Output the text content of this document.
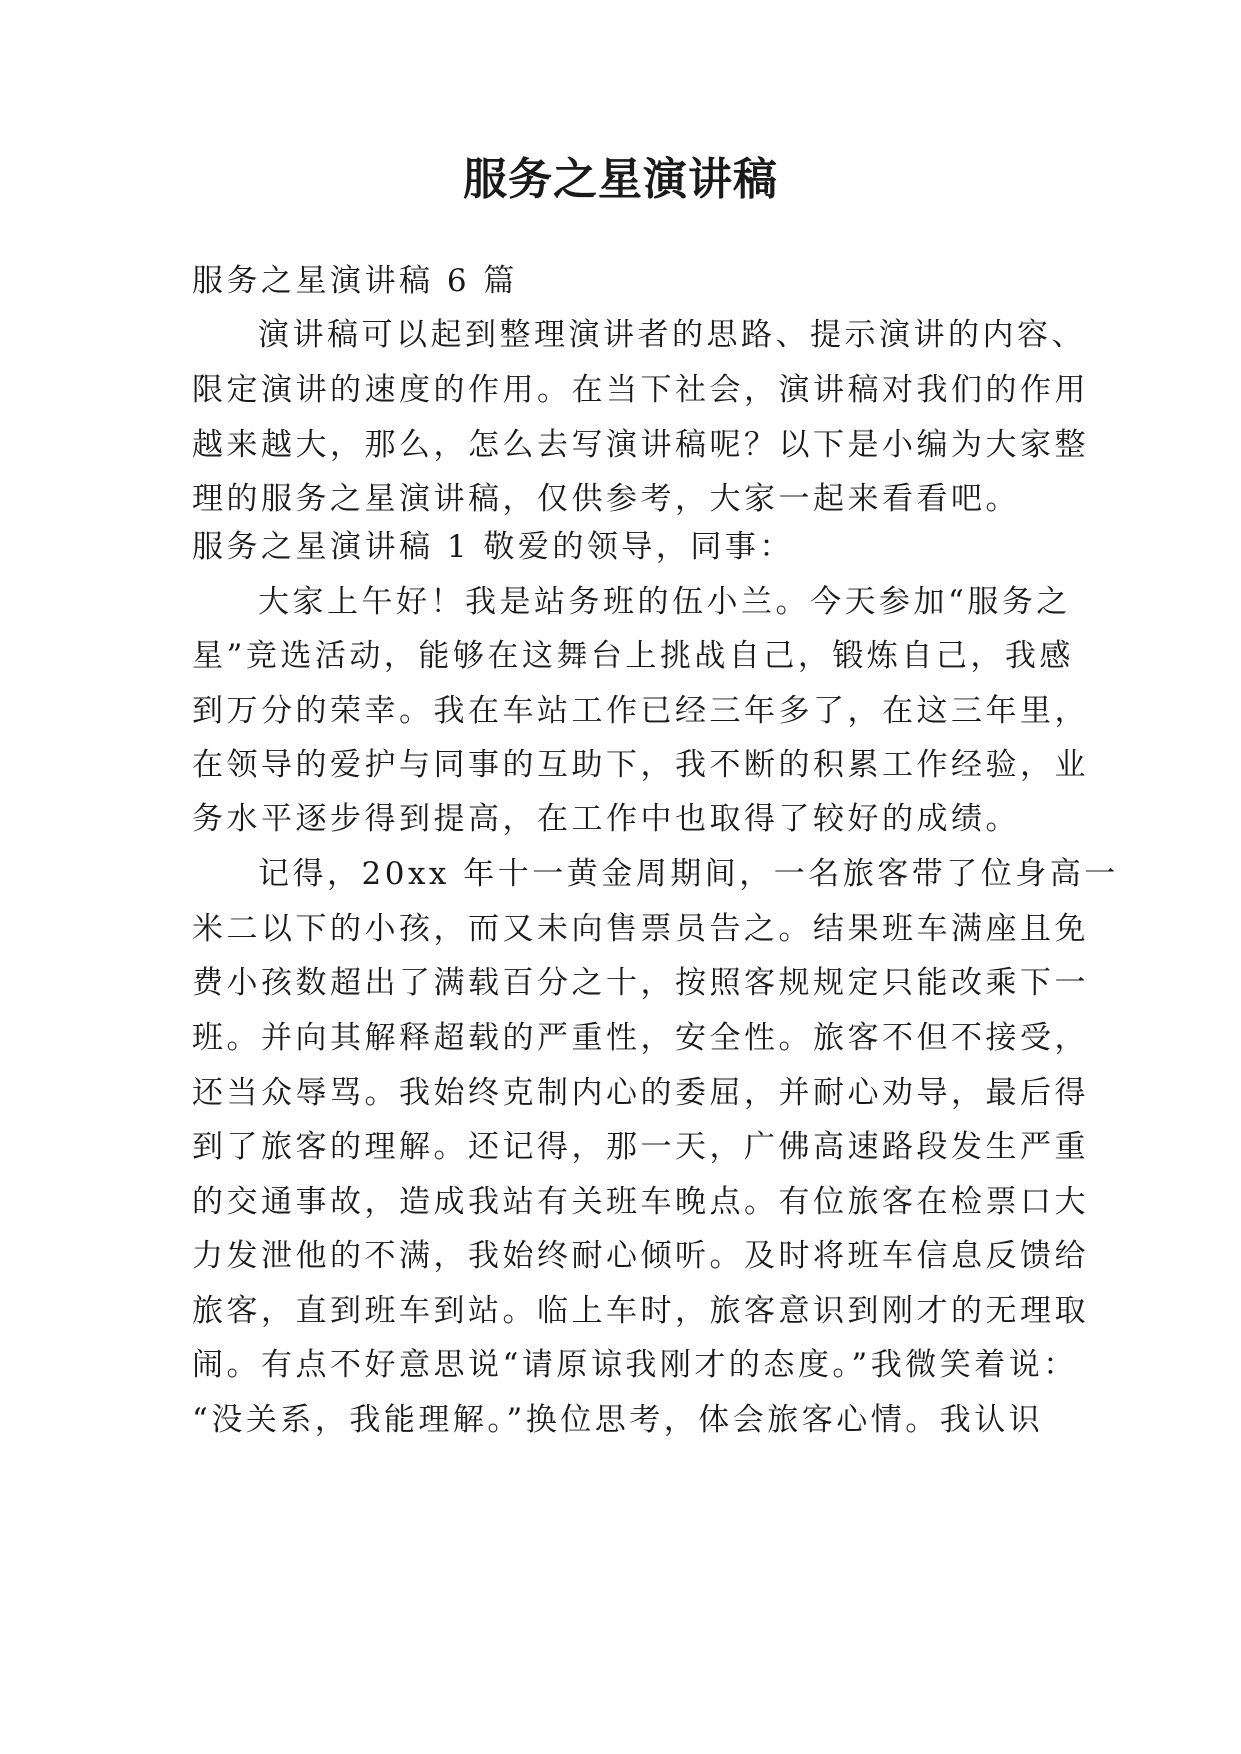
服务之星演讲稿
服务之星演讲稿 6 篇
演讲稿可以起到整理演讲者的思路、提示演讲的内容、
限定演讲的速度的作用。在当下社会，演讲稿对我们的作用
越来越大，那么，怎么去写演讲稿呢？以下是小编为大家整
理的服务之星演讲稿，仅供参考，大家一起来看看吧。
服务之星演讲稿 1 敬爱的领导，同事：
大家上午好！我是站务班的伍小兰。今天参加“服务之
星”竞选活动，能够在这舞台上挑战自己，锻炼自己，我感
到万分的荣幸。我在车站工作已经三年多了，在这三年里，
在领导的爱护与同事的互助下，我不断的积累工作经验，业
务水平逐步得到提高，在工作中也取得了较好的成绩。
记得，20xx 年十一黄金周期间，一名旅客带了位身高一
米二以下的小孩，而又未向售票员告之。结果班车满座且免
费小孩数超出了满载百分之十，按照客规规定只能改乘下一
班。并向其解释超载的严重性，安全性。旅客不但不接受，
还当众辱骂。我始终克制内心的委屈，并耐心劝导，最后得
到了旅客的理解。还记得，那一天，广佛高速路段发生严重
的交通事故，造成我站有关班车晚点。有位旅客在检票口大
力发泄他的不满，我始终耐心倾听。及时将班车信息反馈给
旅客，直到班车到站。临上车时，旅客意识到刚才的无理取
闹。有点不好意思说“请原谅我刚才的态度。”我微笑着说：
“没关系，我能理解。”换位思考，体会旅客心情。我认识
